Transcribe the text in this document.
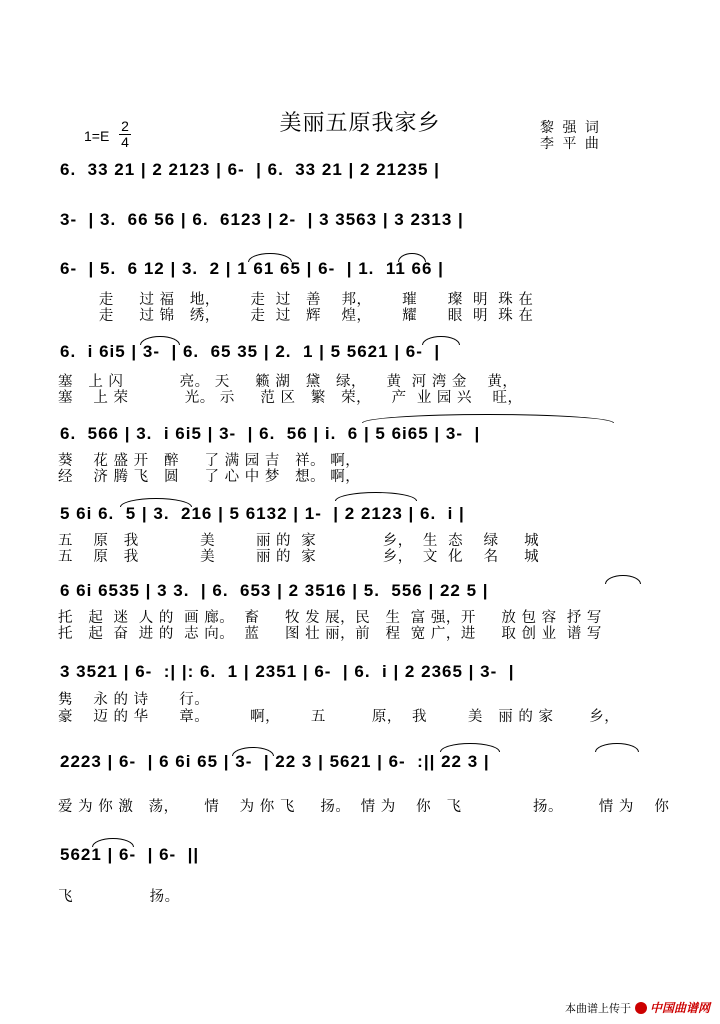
美丽五原我家乡
$1=E \frac{2}{4}$	黎 强 词
李 平 曲
6.  33 21 | 2 2123 | 6-  | 6.  33 21 | 2 21235 |
3-  | 3.  66 56 | 6.  6123 | 2-  | 3 3563 | 3 2313 |
6-  | 5.  6 12 | 3.  2 | 1 61 65 | 6-  | 1.  11 66 |
走     过 福   地，      走  过   善    邦，      璀      璨  明  珠 在
走     过 锦   绣，      走  过   辉    煌，      耀      眼  明  珠 在
6.  i 6i5 | 3-  | 6.  65 35 | 2.  1 | 5 5621 | 6-  |
塞   上 闪           亮。 天     籁 湖   黛   绿，    黄  河 湾 金    黄，
塞    上 荣           光。 示     范 区   繁   荣，    产  业 园 兴    旺，
6.  566 | 3.  i 6i5 | 3-  | 6.  56 | i.  6 | 5 6i65 | 3-  |
葵    花 盛 开   醉     了 满 园 吉   祥。 啊，
经    济 腾 飞   圆     了 心 中 梦   想。 啊，
5 6i 6.  5 | 3.  216 | 5 6132 | 1-  | 2 2123 | 6.  i |
五    原   我            美        丽 的  家             乡，  生  态    绿     城
五    原   我            美        丽 的  家             乡，  文  化    名     城
6 6i 6535 | 3 3.  | 6.  653 | 2 3516 | 5.  556 | 22 5 |
托   起  迷  人 的  画 廊。  畜     牧 发 展，民   生  富 强，开     放 包 容  抒 写
托   起  奋  进 的  志 向。  蓝     图 壮 丽，前   程  宽 广，进     取 创 业  谱 写
3 3521 | 6-  :| |: 6.  1 | 2351 | 6-  | 6.  i | 2 2365 | 3-  |
隽    永 的 诗      行。
豪    迈 的 华      章。        啊，      五         原，  我        美   丽 的 家       乡，
2223 | 6-  | 6 6i 65 | 3-  | 22 3 | 5621 | 6-  :|| 22 3 |
爱 为 你 激   荡，     情    为 你 飞     扬。  情 为    你   飞              扬。       情 为    你
5621 | 6-  | 6-  ||
飞               扬。
本曲谱上传于 中国曲谱网
